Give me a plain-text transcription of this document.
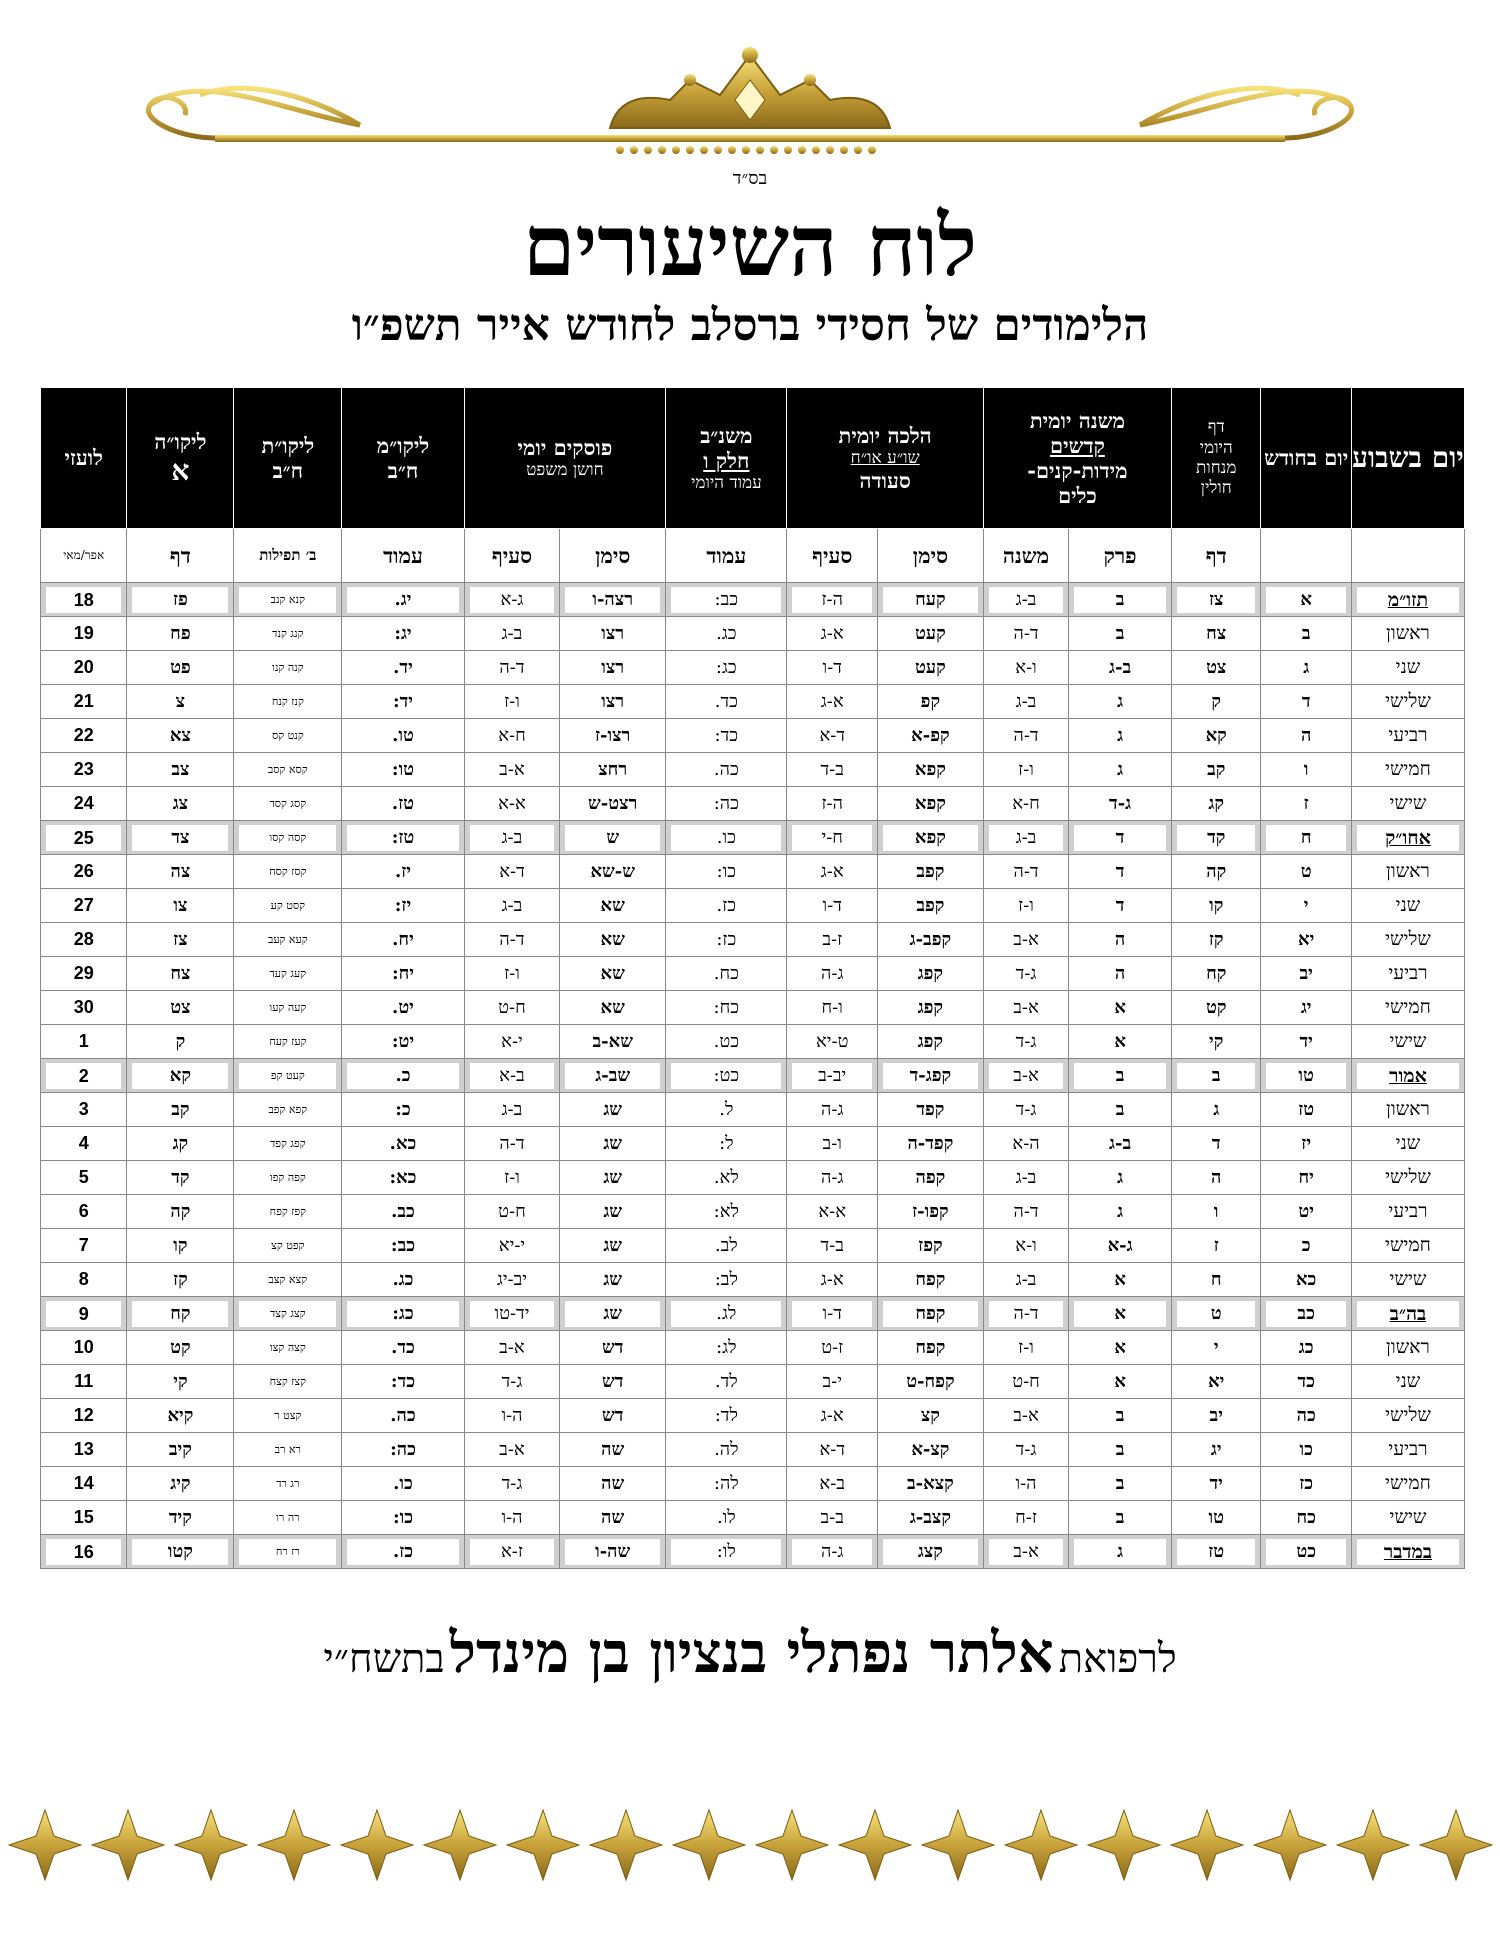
בס״ד
לוח השיעורים
הלימודים של חסידי ברסלב לחודש אייר תשפ״ו
יום בשבוע	יום בחודש	דף
היומי
מנחות
חולין	משנה יומית
קדשים
מידות-קנים-
כלים		הלכה יומית
שו״ע או״ח
סעודה		משנ״ב
חלק ו
עמוד היומי	פוסקים יומי
חושן משפט		ליקו״מ
ח״ב	ליקו״ת
ח״ב	ליקו״ה
א	לועזי
		דף	פרק	משנה	סימן	סעיף	עמוד	סימן	סעיף	עמוד	ב׳ תפילות	דף	אפר/מאי

תזו״מ	א	צז	ב	ב-ג	קעח	ה-ז	כב:	רצה-ו	ג-א	יג.	קנא קנב	פז	18

ראשון	ב	צח	ב	ד-ה	קעט	א-ג	כג.	רצו	ב-ג	יג:	קנג קנד	פח	19
שני	ג	צט	ב-ג	ו-א	קעט	ד-ו	כג:	רצו	ד-ה	יד.	קנה קנו	פט	20
שלישי	ד	ק	ג	ב-ג	קפ	א-ג	כד.	רצו	ו-ז	יד:	קנז קנח	צ	21
רביעי	ה	קא	ג	ד-ה	קפ-א	ד-א	כד:	רצו-ז	ח-א	טו.	קנט קס	צא	22
חמישי	ו	קב	ג	ו-ז	קפא	ב-ד	כה.	רחצ	א-ב	טו:	קסא קסב	צב	23
שישי	ז	קג	ג-ד	ח-א	קפא	ה-ז	כה:	רצט-ש	א-א	טז.	קסג קסד	צג	24

אחו״ק	ח	קד	ד	ב-ג	קפא	ח-י	כו.	ש	ב-ג	טז:	קסה קסו	צד	25

ראשון	ט	קה	ד	ד-ה	קפב	א-ג	כו:	ש-שא	ד-א	יז.	קסז קסח	צה	26
שני	י	קו	ד	ו-ז	קפב	ד-ו	כז.	שא	ב-ג	יז:	קסט קע	צו	27
שלישי	יא	קז	ה	א-ב	קפב-ג	ז-ב	כז:	שא	ד-ה	יח.	קעא קעב	צז	28
רביעי	יב	קח	ה	ג-ד	קפג	ג-ה	כח.	שא	ו-ז	יח:	קעג קעד	צח	29
חמישי	יג	קט	א	א-ב	קפג	ו-ח	כח:	שא	ח-ט	יט.	קעה קעו	צט	30
שישי	יד	קי	א	ג-ד	קפג	ט-יא	כט.	שא-ב	י-א	יט:	קעז קעח	ק	1

אמור	טו	ב	ב	א-ב	קפג-ד	יב-ב	כט:	שב-ג	ב-א	כ.	קעט קפ	קא	2

ראשון	טז	ג	ב	ג-ד	קפד	ג-ה	ל.	שג	ב-ג	כ:	קפא קפב	קב	3
שני	יז	ד	ב-ג	ה-א	קפד-ה	ו-ב	ל:	שג	ד-ה	כא.	קפג קפד	קג	4
שלישי	יח	ה	ג	ב-ג	קפה	ג-ה	לא.	שג	ו-ז	כא:	קפה קפו	קד	5
רביעי	יט	ו	ג	ד-ה	קפו-ז	א-א	לא:	שג	ח-ט	כב.	קפז קפח	קה	6
חמישי	כ	ז	ג-א	ו-א	קפז	ב-ד	לב.	שג	י-יא	כב:	קפט קצ	קו	7
שישי	כא	ח	א	ב-ג	קפח	א-ג	לב:	שג	יב-יג	כג.	קצא קצב	קז	8

בה״ב	כב	ט	א	ד-ה	קפח	ד-ו	לג.	שג	יד-טו	כג:	קצג קצד	קח	9

ראשון	כג	י	א	ו-ז	קפח	ז-ט	לג:	דש	א-ב	כד.	קצה קצו	קט	10
שני	כד	יא	א	ח-ט	קפח-ט	י-ב	לד.	דש	ג-ד	כד:	קצז קצח	קי	11
שלישי	כה	יב	ב	א-ב	קצ	א-ג	לד:	דש	ה-ו	כה.	קצט ר	קיא	12
רביעי	כו	יג	ב	ג-ד	קצ-א	ד-א	לה.	שה	א-ב	כה:	רא רב	קיב	13
חמישי	כז	יד	ב	ה-ו	קצא-ב	ב-א	לה:	שה	ג-ד	כו.	רג רד	קיג	14
שישי	כח	טו	ב	ז-ח	קצב-ג	ב-ב	לו.	שה	ה-ו	כו:	רה רו	קיד	15

במדבר	כט	טז	ג	א-ב	קצג	ג-ה	לו:	שה-ו	ז-א	כז.	רז רח	קטו	16
לרפואת אלתר נפתלי בנציון בן מינדל בתשח״י
